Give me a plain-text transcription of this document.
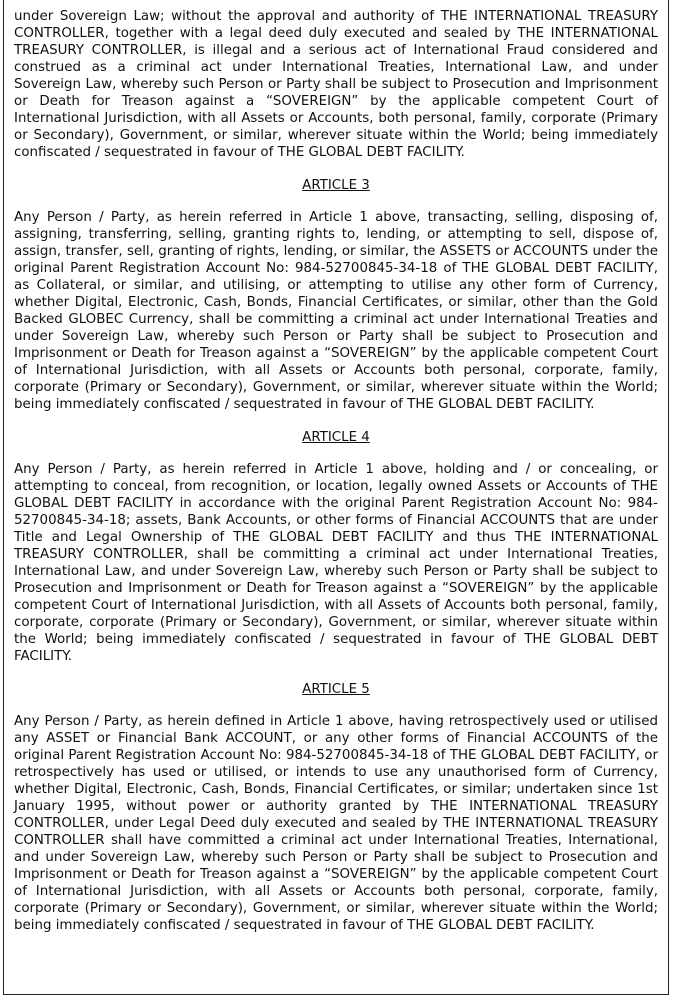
under Sovereign Law; without the approval and authority of THE INTERNATIONAL TREASURY CONTROLLER, together with a legal deed duly executed and sealed by THE INTERNATIONAL TREASURY CONTROLLER, is illegal and a serious act of International Fraud considered and construed as a criminal act under International Treaties, International Law, and under Sovereign Law, whereby such Person or Party shall be subject to Prosecution and Imprisonment or Death for Treason against a “SOVEREIGN” by the applicable competent Court of International Jurisdiction, with all Assets or Accounts, both personal, family, corporate (Primary or Secondary), Government, or similar, wherever situate within the World; being immediately confiscated / sequestrated in favour of THE GLOBAL DEBT FACILITY.

ARTICLE 3

Any Person / Party, as herein referred in Article 1 above, transacting, selling, disposing of, assigning, transferring, selling, granting rights to, lending, or attempting to sell, dispose of, assign, transfer, sell, granting of rights, lending, or similar, the ASSETS or ACCOUNTS under the original Parent Registration Account No: 984-52700845-34-18 of THE GLOBAL DEBT FACILITY, as Collateral, or similar, and utilising, or attempting to utilise any other form of Currency, whether Digital, Electronic, Cash, Bonds, Financial Certificates, or similar, other than the Gold Backed GLOBEC Currency, shall be committing a criminal act under International Treaties and under Sovereign Law, whereby such Person or Party shall be subject to Prosecution and Imprisonment or Death for Treason against a “SOVEREIGN” by the applicable competent Court of International Jurisdiction, with all Assets or Accounts both personal, corporate, family, corporate (Primary or Secondary), Government, or similar, wherever situate within the World; being immediately confiscated / sequestrated in favour of THE GLOBAL DEBT FACILITY.

ARTICLE 4

Any Person / Party, as herein referred in Article 1 above, holding and / or concealing, or attempting to conceal, from recognition, or location, legally owned Assets or Accounts of THE GLOBAL DEBT FACILITY in accordance with the original Parent Registration Account No: 984-52700845-34-18; assets, Bank Accounts, or other forms of Financial ACCOUNTS that are under Title and Legal Ownership of THE GLOBAL DEBT FACILITY and thus THE INTERNATIONAL TREASURY CONTROLLER, shall be committing a criminal act under International Treaties, International Law, and under Sovereign Law, whereby such Person or Party shall be subject to Prosecution and Imprisonment or Death for Treason against a “SOVEREIGN” by the applicable competent Court of International Jurisdiction, with all Assets of Accounts both personal, family, corporate, corporate (Primary or Secondary), Government, or similar, wherever situate within the World; being immediately confiscated / sequestrated in favour of THE GLOBAL DEBT FACILITY.

ARTICLE 5

Any Person / Party, as herein defined in Article 1 above, having retrospectively used or utilised any ASSET or Financial Bank ACCOUNT, or any other forms of Financial ACCOUNTS of the original Parent Registration Account No: 984-52700845-34-18 of THE GLOBAL DEBT FACILITY, or retrospectively has used or utilised, or intends to use any unauthorised form of Currency, whether Digital, Electronic, Cash, Bonds, Financial Certificates, or similar; undertaken since 1st January 1995, without power or authority granted by THE INTERNATIONAL TREASURY CONTROLLER, under Legal Deed duly executed and sealed by THE INTERNATIONAL TREASURY CONTROLLER shall have committed a criminal act under International Treaties, International, and under Sovereign Law, whereby such Person or Party shall be subject to Prosecution and Imprisonment or Death for Treason against a “SOVEREIGN” by the applicable competent Court of International Jurisdiction, with all Assets or Accounts both personal, corporate, family, corporate (Primary or Secondary), Government, or similar, wherever situate within the World; being immediately confiscated / sequestrated in favour of THE GLOBAL DEBT FACILITY.
